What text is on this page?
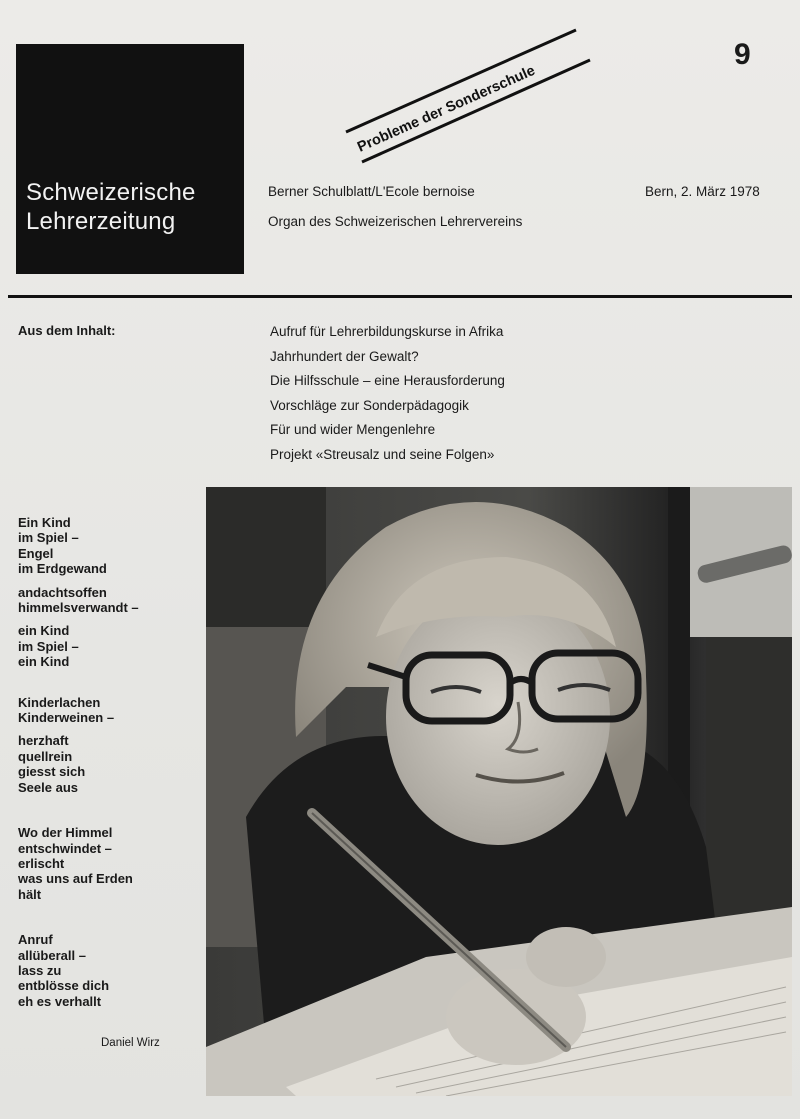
Schweizerische
Lehrerzeitung
9
Probleme der Sonderschule
Berner Schulblatt/L'Ecole bernoise
Organ des Schweizerischen Lehrervereins
Bern, 2. März 1978
Aus dem Inhalt:	Aufruf für Lehrerbildungskurse in Afrika
Jahrhundert der Gewalt?
Die Hilfsschule – eine Herausforderung
Vorschläge zur Sonderpädagogik
Für und wider Mengenlehre
Projekt «Streusalz und seine Folgen»
Ein Kind
im Spiel –
Engel
im Erdgewand
andachtsoffen
himmelsverwandt –
ein Kind
im Spiel –
ein Kind
Kinderlachen
Kinderweinen –
herzhaft
quellrein
giesst sich
Seele aus
Wo der Himmel
entschwindet –
erlischt
was uns auf Erden
hält
Anruf
allüberall –
lass zu
entblösse dich
eh es verhallt
Daniel Wirz
